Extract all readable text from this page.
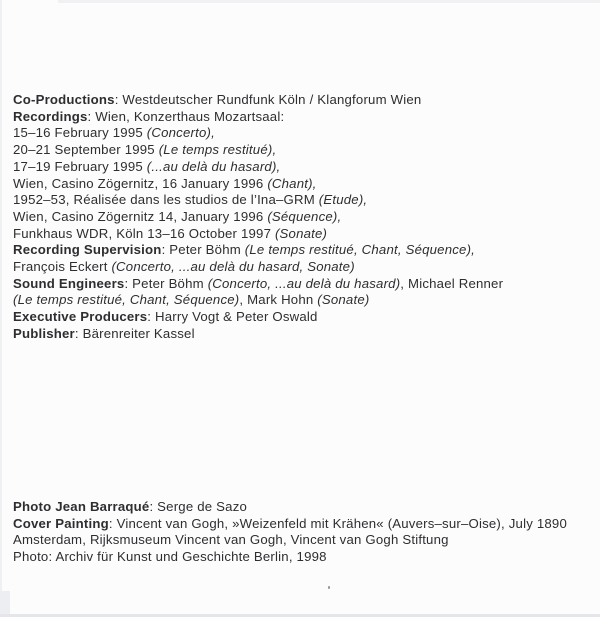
Co-Productions: Westdeutscher Rundfunk Köln / Klangforum Wien
Recordings: Wien, Konzerthaus Mozartsaal:
15–16 February 1995 (Concerto),
20–21 September 1995 (Le temps restitué),
17–19 February 1995 (...au delà du hasard),
Wien, Casino Zögernitz, 16 January 1996 (Chant),
1952–53, Réalisée dans les studios de l’Ina–GRM (Etude),
Wien, Casino Zögernitz 14, January 1996 (Séquence),
Funkhaus WDR, Köln 13–16 October 1997 (Sonate)
Recording Supervision: Peter Böhm (Le temps restitué, Chant, Séquence),
François Eckert (Concerto, ...au delà du hasard, Sonate)
Sound Engineers: Peter Böhm (Concerto, ...au delà du hasard), Michael Renner
(Le temps restitué, Chant, Séquence), Mark Hohn (Sonate)
Executive Producers: Harry Vogt & Peter Oswald
Publisher: Bärenreiter Kassel
Photo Jean Barraqué: Serge de Sazo
Cover Painting: Vincent van Gogh, »Weizenfeld mit Krähen« (Auvers–sur–Oise), July 1890
Amsterdam, Rijksmuseum Vincent van Gogh, Vincent van Gogh Stiftung
Photo: Archiv für Kunst und Geschichte Berlin, 1998
